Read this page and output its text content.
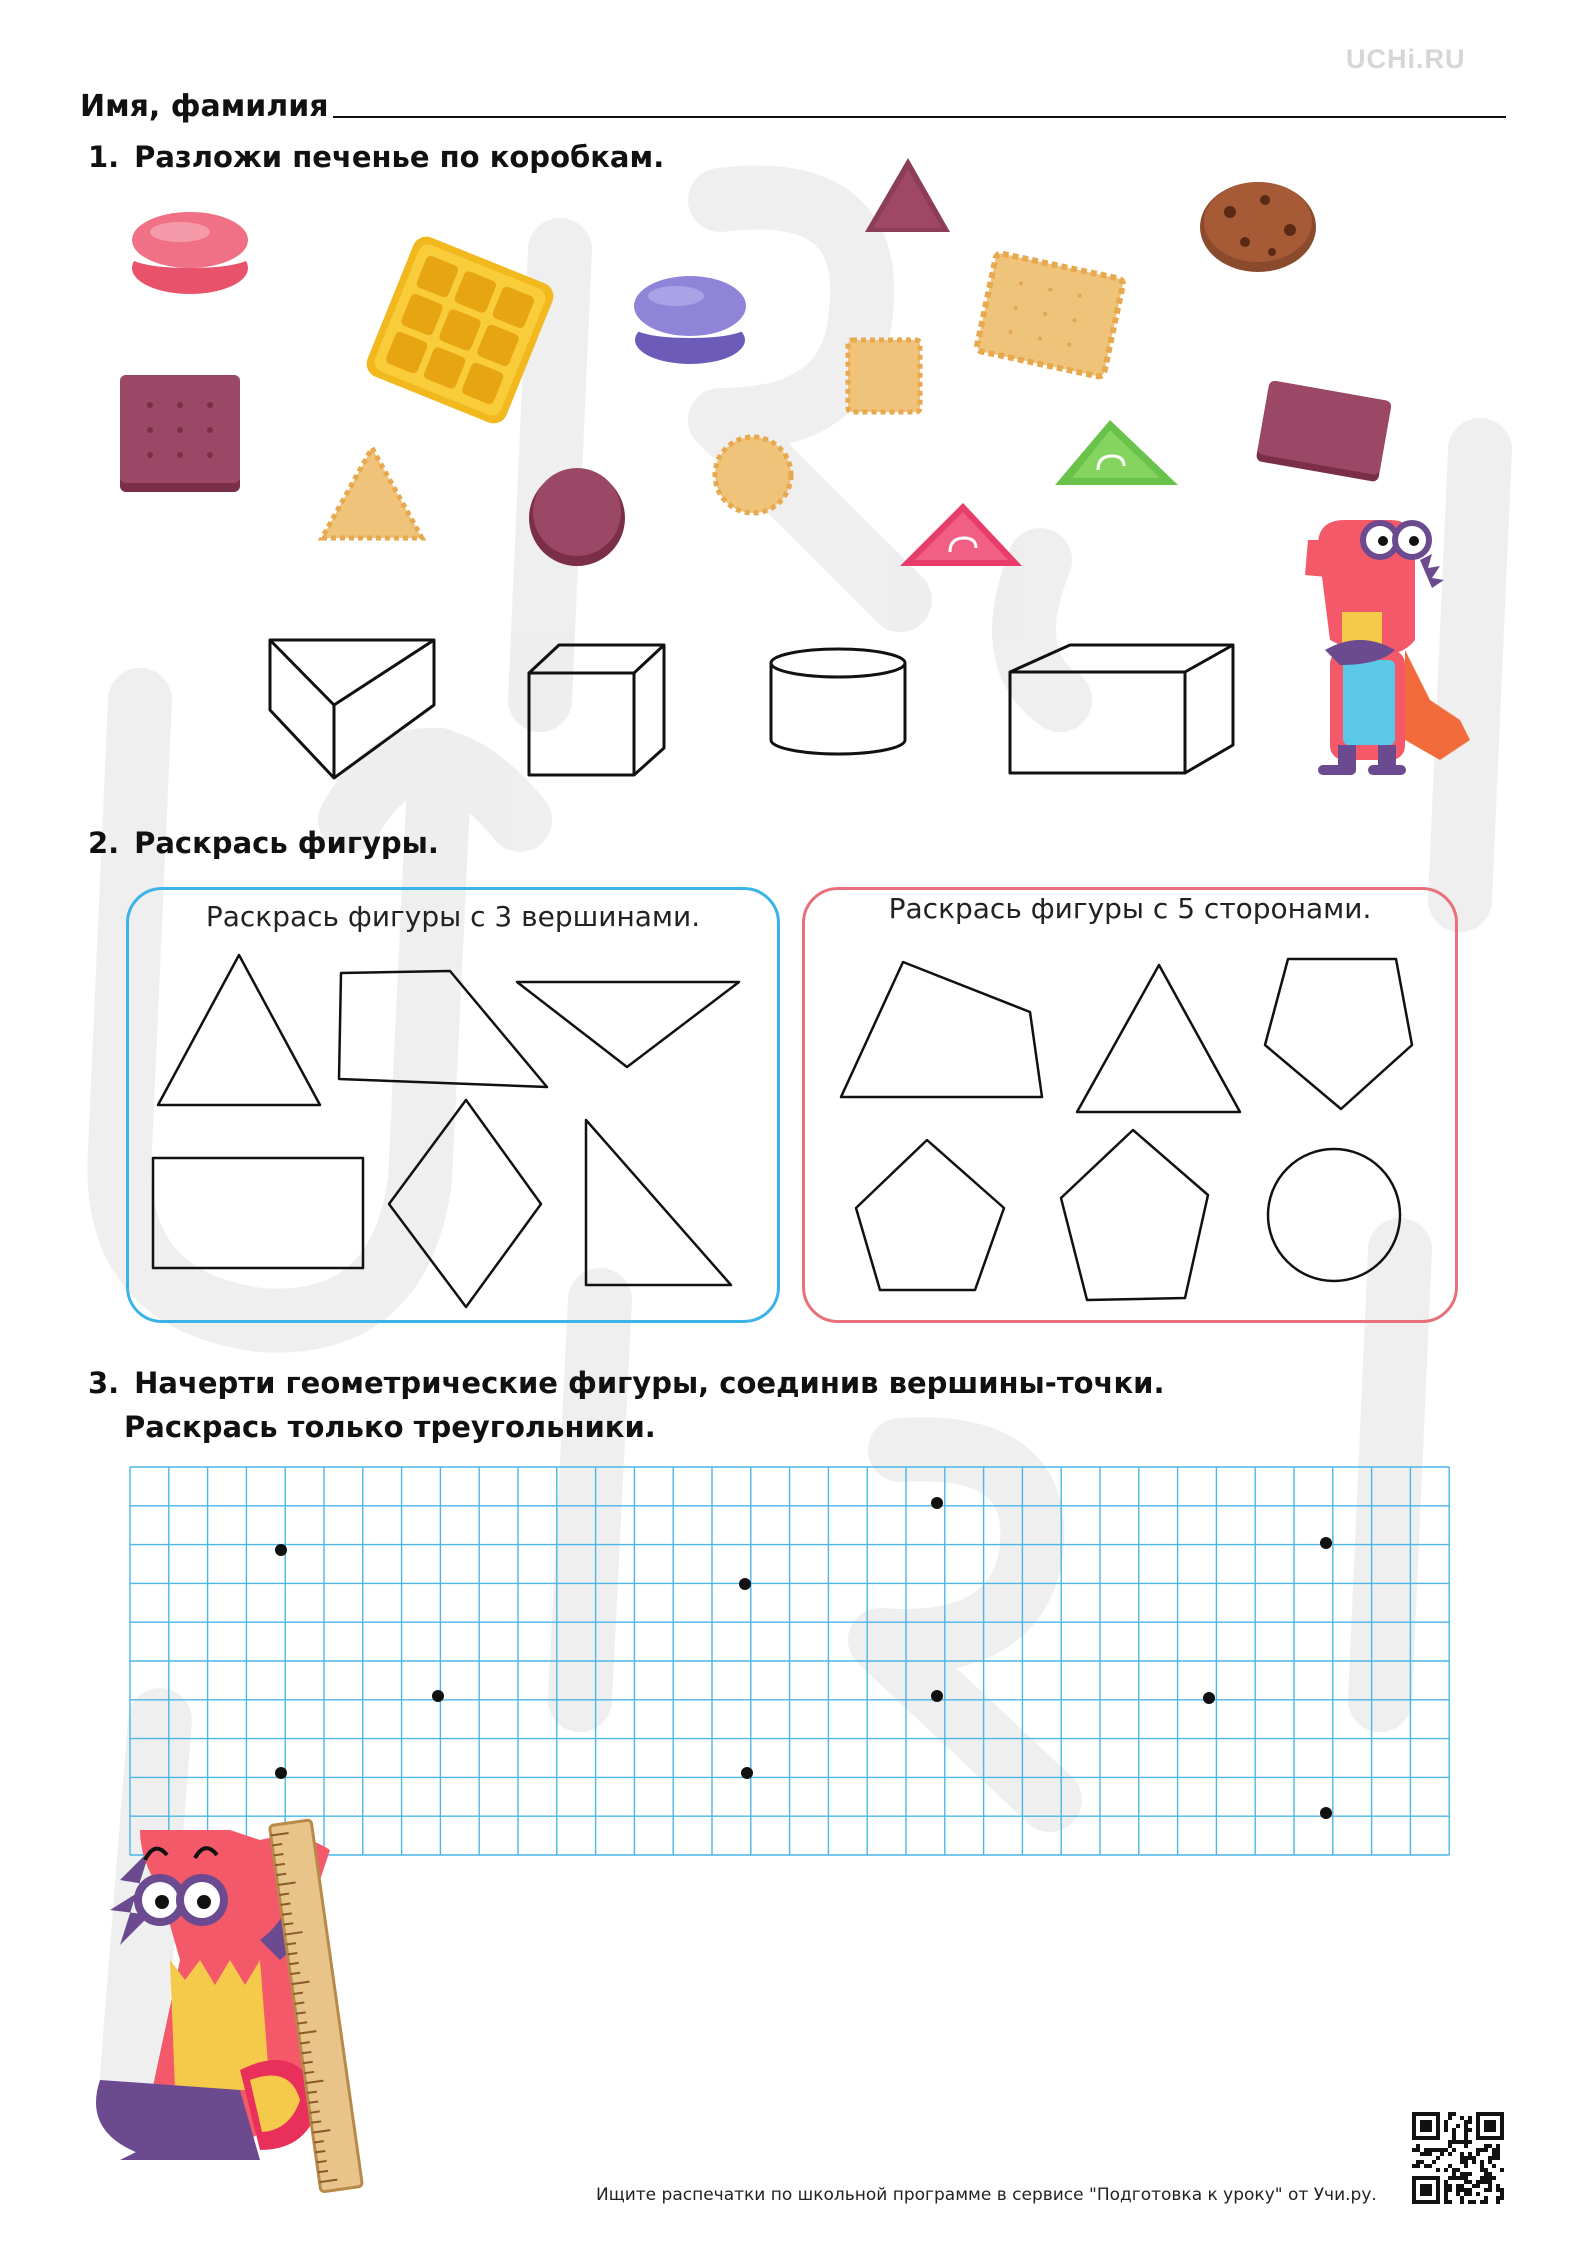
UCHi.RU
Имя, фамилия
1. Разложи печенье по коробкам.
2. Раскрась фигуры.
Раскрась фигуры с 3 вершинами.	Раскрась фигуры с 5 сторонами.
3. Начерти геометрические фигуры, соединив вершины-точки.
Раскрась только треугольники.
Ищите распечатки по школьной программе в сервисе "Подготовка к уроку" от Учи.ру.
